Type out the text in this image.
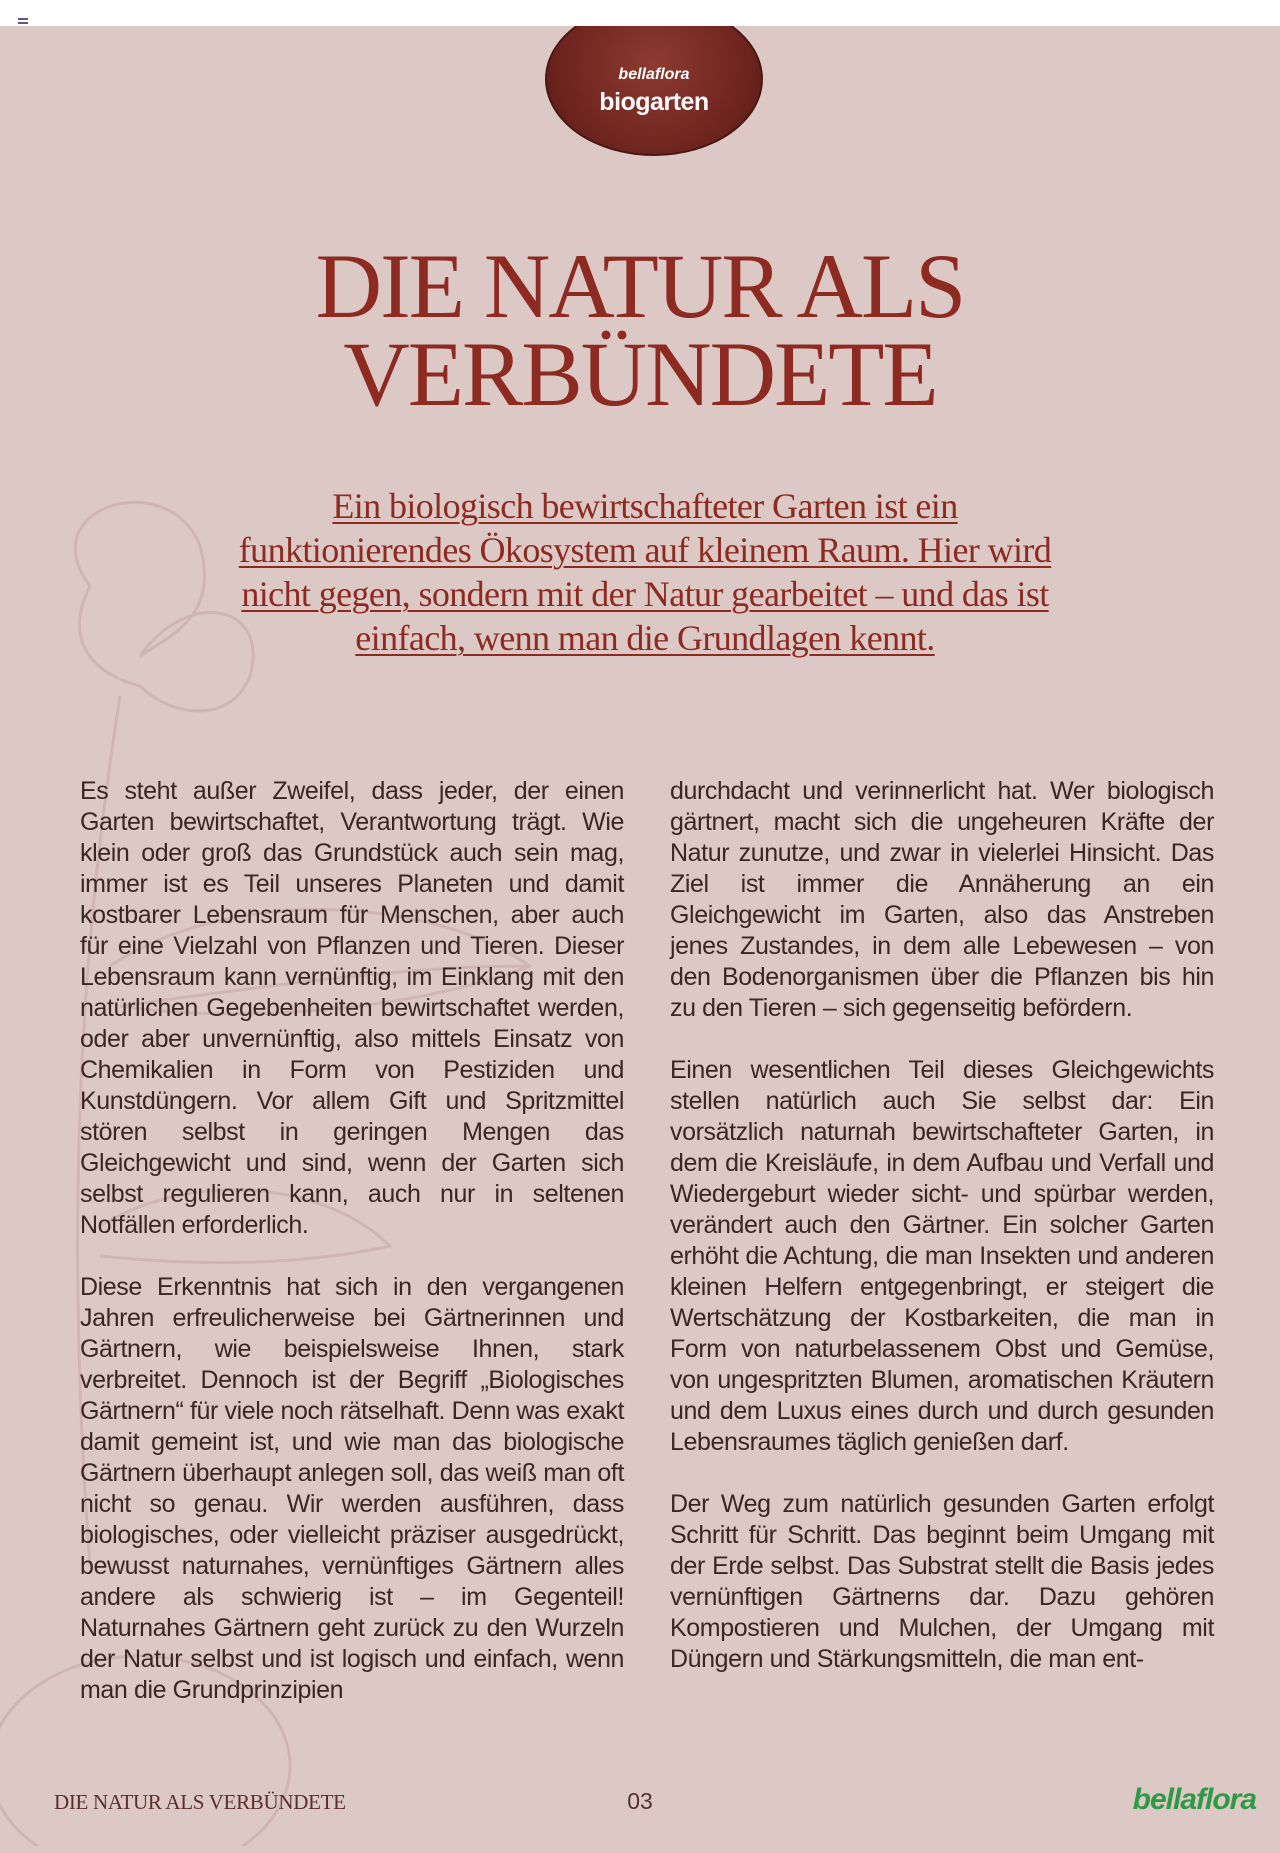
bellaflora
biogarten
DIE NATUR ALS
VERBÜNDETE

Ein biologisch bewirtschafteter Garten ist ein funktionierendes Ökosystem auf kleinem Raum. Hier wird nicht gegen, sondern mit der Natur gearbeitet – und das ist einfach, wenn man die Grundlagen kennt.

Es steht außer Zweifel, dass jeder, der einen Garten bewirtschaftet, Verantwortung trägt. Wie klein oder groß das Grundstück auch sein mag, immer ist es Teil unseres Planeten und damit kostbarer Lebensraum für Menschen, aber auch für eine Vielzahl von Pflanzen und Tieren. Dieser Lebensraum kann vernünftig, im Einklang mit den natürlichen Gegebenheiten bewirtschaftet werden, oder aber unvernünftig, also mittels Einsatz von Chemikalien in Form von Pestiziden und Kunstdüngern. Vor allem Gift und Spritzmittel stören selbst in geringen Mengen das Gleichgewicht und sind, wenn der Garten sich selbst regulieren kann, auch nur in seltenen Notfällen erforderlich.

Diese Erkenntnis hat sich in den vergangenen Jahren erfreulicherweise bei Gärtnerinnen und Gärtnern, wie beispielsweise Ihnen, stark verbreitet. Dennoch ist der Begriff „Biologisches Gärtnern“ für viele noch rätselhaft. Denn was exakt damit gemeint ist, und wie man das biologische Gärtnern überhaupt anlegen soll, das weiß man oft nicht so genau. Wir werden ausführen, dass biologisches, oder vielleicht präziser ausgedrückt, bewusst naturnahes, vernünftiges Gärtnern alles andere als schwierig ist – im Gegenteil! Naturnahes Gärtnern geht zurück zu den Wurzeln der Natur selbst und ist logisch und einfach, wenn man die Grundprinzipien

durchdacht und verinnerlicht hat. Wer biologisch gärtnert, macht sich die ungeheuren Kräfte der Natur zunutze, und zwar in vielerlei Hinsicht. Das Ziel ist immer die Annäherung an ein Gleichgewicht im Garten, also das Anstreben jenes Zustandes, in dem alle Lebewesen – von den Bodenorganismen über die Pflanzen bis hin zu den Tieren – sich gegenseitig befördern.

Einen wesentlichen Teil dieses Gleichgewichts stellen natürlich auch Sie selbst dar: Ein vorsätzlich naturnah bewirtschafteter Garten, in dem die Kreisläufe, in dem Aufbau und Verfall und Wiedergeburt wieder sicht- und spürbar werden, verändert auch den Gärtner. Ein solcher Garten erhöht die Achtung, die man Insekten und anderen kleinen Helfern entgegenbringt, er steigert die Wertschätzung der Kostbarkeiten, die man in Form von naturbelassenem Obst und Gemüse, von ungespritzten Blumen, aromatischen Kräutern und dem Luxus eines durch und durch gesunden Lebensraumes täglich genießen darf.

Der Weg zum natürlich gesunden Garten erfolgt Schritt für Schritt. Das beginnt beim Umgang mit der Erde selbst. Das Substrat stellt die Basis jedes vernünftigen Gärtnerns dar. Dazu gehören Kompostieren und Mulchen, der Umgang mit Düngern und Stärkungsmitteln, die man ent-

DIE NATUR ALS VERBÜNDETE	03	bellaflora
